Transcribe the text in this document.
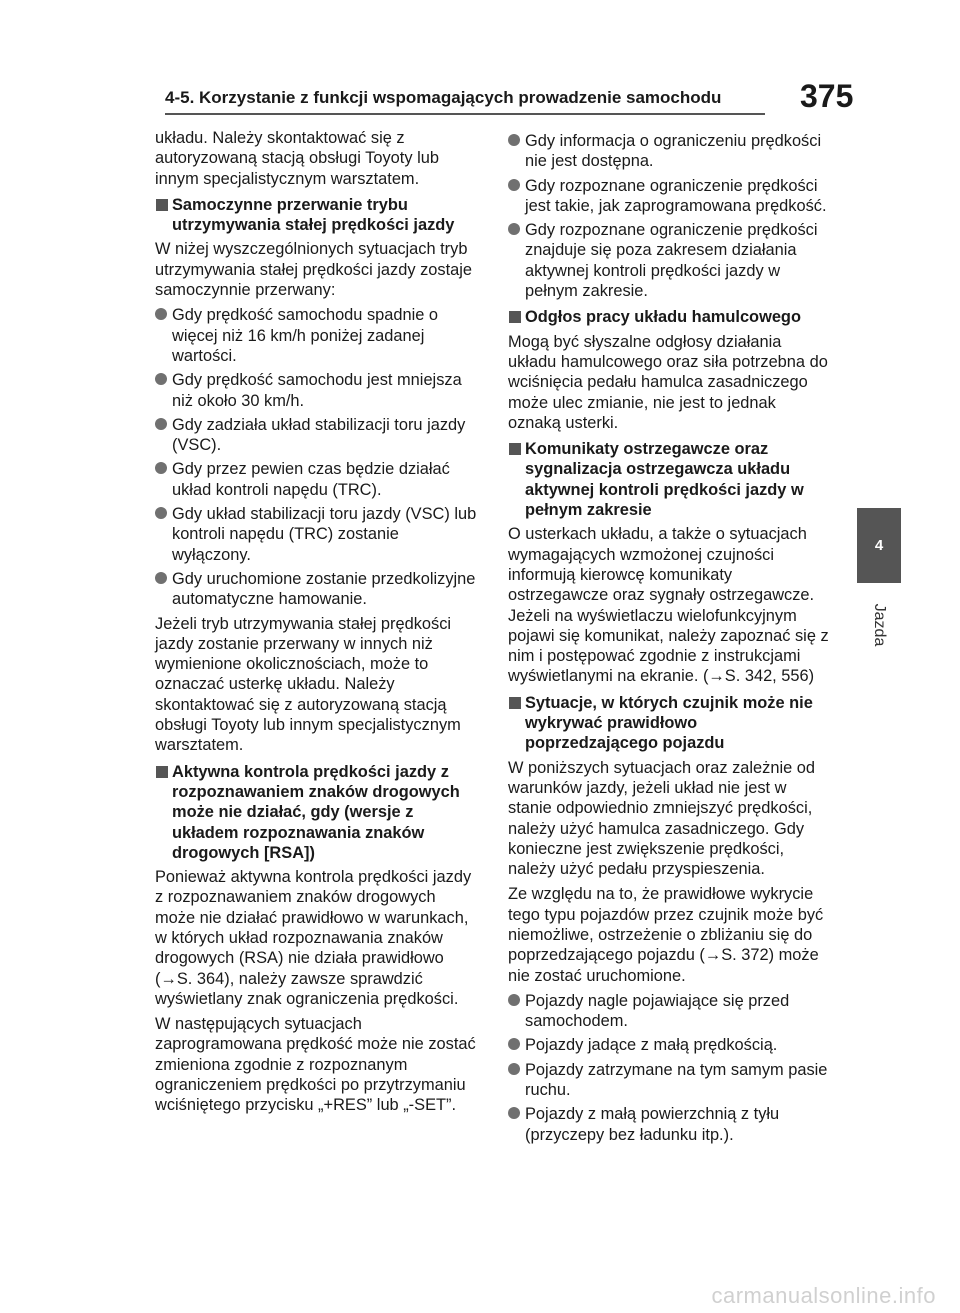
4-5. Korzystanie z funkcji wspomagających prowadzenie samochodu 375
4
Jazda

układu. Należy skontaktować się z autoryzowaną stacją obsługi Toyoty lub innym specjalistycznym warsztatem.

Samoczynne przerwanie trybu utrzymywania stałej prędkości jazdy

W niżej wyszczególnionych sytuacjach tryb utrzymywania stałej prędkości jazdy zostaje samoczynnie przerwany:

Gdy prędkość samochodu spadnie o więcej niż 16 km/h poniżej zadanej wartości.
Gdy prędkość samochodu jest mniejsza niż około 30 km/h.
Gdy zadziała układ stabilizacji toru jazdy (VSC).
Gdy przez pewien czas będzie działać układ kontroli napędu (TRC).
Gdy układ stabilizacji toru jazdy (VSC) lub kontroli napędu (TRC) zostanie wyłączony.
Gdy uruchomione zostanie przedkolizyjne automatyczne hamowanie.

Jeżeli tryb utrzymywania stałej prędkości jazdy zostanie przerwany w innych niż wymienione okolicznościach, może to oznaczać usterkę układu. Należy skontaktować się z autoryzowaną stacją obsługi Toyoty lub innym specjalistycznym warsztatem.

Aktywna kontrola prędkości jazdy z rozpoznawaniem znaków drogowych może nie działać, gdy (wersje z układem rozpoznawania znaków drogowych [RSA])

Ponieważ aktywna kontrola prędkości jazdy z rozpoznawaniem znaków drogowych może nie działać prawidłowo w warunkach, w których układ rozpoznawania znaków drogowych (RSA) nie działa prawidłowo (→S. 364), należy zawsze sprawdzić wyświetlany znak ograniczenia prędkości.

W następujących sytuacjach zaprogramowana prędkość może nie zostać zmieniona zgodnie z rozpoznanym ograniczeniem prędkości po przytrzymaniu wciśniętego przycisku „+RES” lub „-SET”.

Gdy informacja o ograniczeniu prędkości nie jest dostępna.
Gdy rozpoznane ograniczenie prędkości jest takie, jak zaprogramowana prędkość.
Gdy rozpoznane ograniczenie prędkości znajduje się poza zakresem działania aktywnej kontroli prędkości jazdy w pełnym zakresie.
Odgłos pracy układu hamulcowego

Mogą być słyszalne odgłosy działania układu hamulcowego oraz siła potrzebna do wciśnięcia pedału hamulca zasadniczego może ulec zmianie, nie jest to jednak oznaką usterki.

Komunikaty ostrzegawcze oraz sygnalizacja ostrzegawcza układu aktywnej kontroli prędkości jazdy w pełnym zakresie

O usterkach układu, a także o sytuacjach wymagających wzmożonej czujności informują kierowcę komunikaty ostrzegawcze oraz sygnały ostrzegawcze. Jeżeli na wyświetlaczu wielofunkcyjnym pojawi się komunikat, należy zapoznać się z nim i postępować zgodnie z instrukcjami wyświetlanymi na ekranie. (→S. 342, 556)

Sytuacje, w których czujnik może nie wykrywać prawidłowo poprzedzającego pojazdu

W poniższych sytuacjach oraz zależnie od warunków jazdy, jeżeli układ nie jest w stanie odpowiednio zmniejszyć prędkości, należy użyć hamulca zasadniczego. Gdy konieczne jest zwiększenie prędkości, należy użyć pedału przyspieszenia.

Ze względu na to, że prawidłowe wykrycie tego typu pojazdów przez czujnik może być niemożliwe, ostrzeżenie o zbliżaniu się do poprzedzającego pojazdu (→S. 372) może nie zostać uruchomione.

Pojazdy nagle pojawiające się przed samochodem.
Pojazdy jadące z małą prędkością.
Pojazdy zatrzymane na tym samym pasie ruchu.
Pojazdy z małą powierzchnią z tyłu (przyczepy bez ładunku itp.).
carmanualsonline.info
